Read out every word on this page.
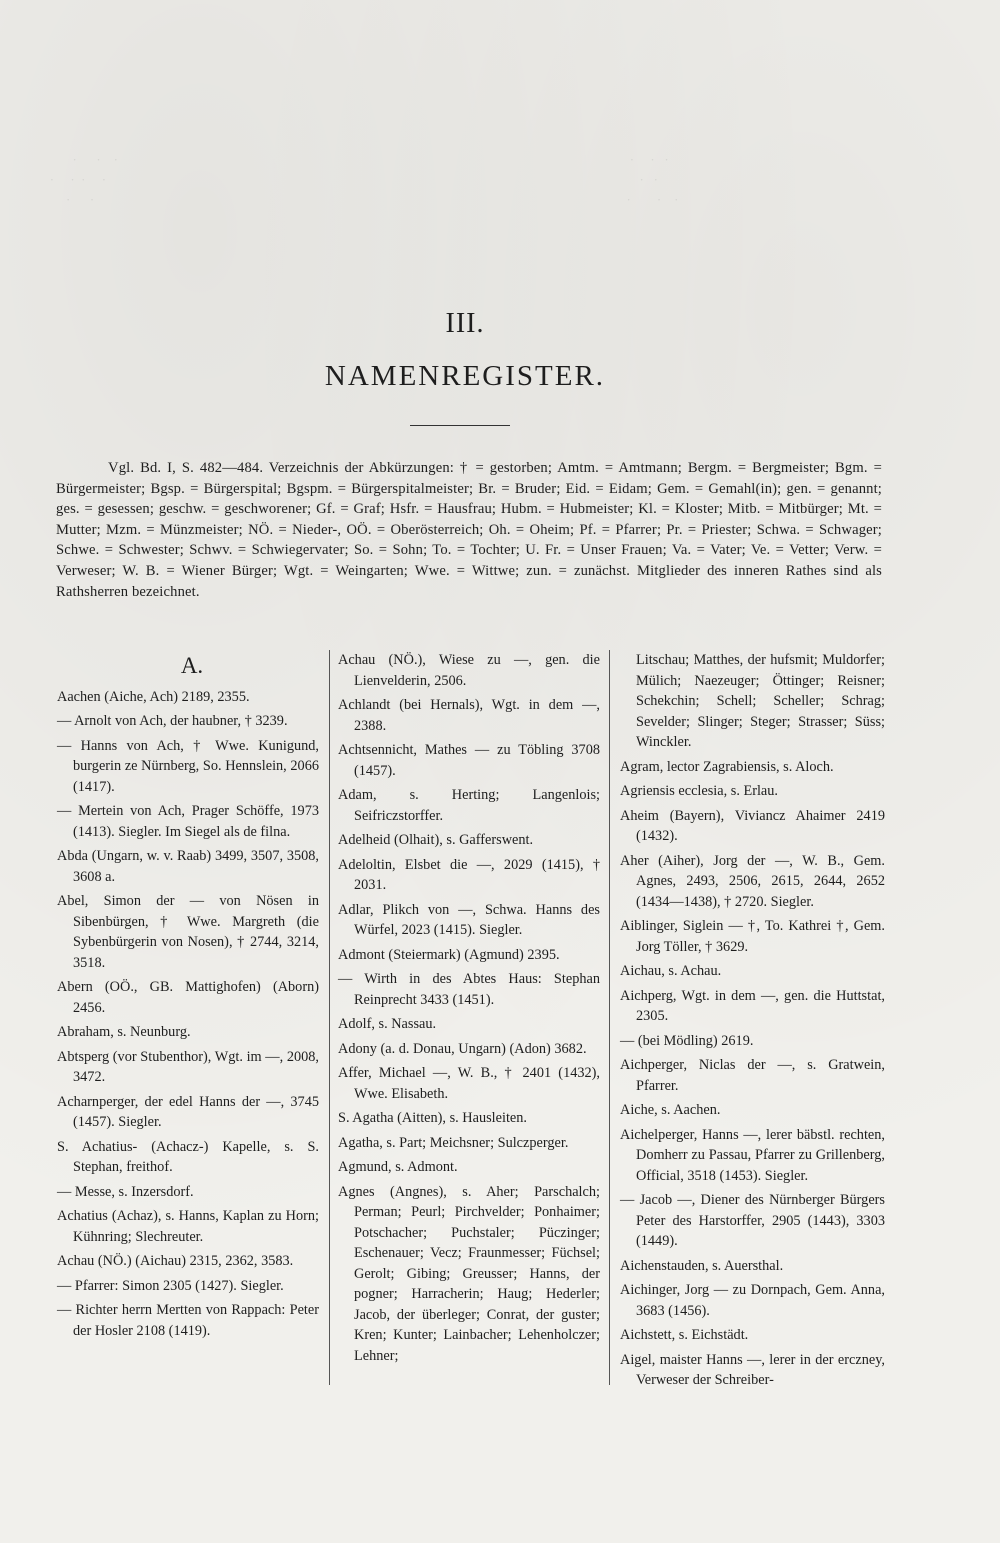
III.
NAMENREGISTER.
Vgl. Bd. I, S. 482—484. Verzeichnis der Abkürzungen: † = gestorben; Amtm. = Amtmann; Bergm. = Bergmeister; Bgm. = Bürgermeister; Bgsp. = Bürgerspital; Bgspm. = Bürgerspitalmeister; Br. = Bruder; Eid. = Eidam; Gem. = Gemahl(in); gen. = genannt; ges. = gesessen; geschw. = geschworener; Gf. = Graf; Hsfr. = Hausfrau; Hubm. = Hubmeister; Kl. = Kloster; Mitb. = Mitbürger; Mt. = Mutter; Mzm. = Münzmeister; NÖ. = Nieder-, OÖ. = Oberösterreich; Oh. = Oheim; Pf. = Pfarrer; Pr. = Priester; Schwa. = Schwager; Schwe. = Schwester; Schwv. = Schwiegervater; So. = Sohn; To. = Tochter; U. Fr. = Unser Frauen; Va. = Vater; Ve. = Vetter; Verw. = Verweser; W. B. = Wiener Bürger; Wgt. = Weingarten; Wwe. = Wittwe; zun. = zunächst. Mitglieder des inneren Rathes sind als Rathsherren bezeichnet.
A.
Aachen (Aiche, Ach) 2189, 2355.
— Arnolt von Ach, der haubner, † 3239.
— Hanns von Ach, † Wwe. Kunigund, burgerin ze Nürnberg, So. Hennslein, 2066 (1417).
— Mertein von Ach, Prager Schöffe, 1973 (1413). Siegler. Im Siegel als de filna.
Abda (Ungarn, w. v. Raab) 3499, 3507, 3508, 3608 a.
Abel, Simon der — von Nösen in Sibenbürgen, † Wwe. Margreth (die Sybenbürgerin von Nosen), † 2744, 3214, 3518.
Abern (OÖ., GB. Mattighofen) (Aborn) 2456.
Abraham, s. Neunburg.
Abtsperg (vor Stubenthor), Wgt. im —, 2008, 3472.
Acharnperger, der edel Hanns der —, 3745 (1457). Siegler.
S. Achatius- (Achacz-) Kapelle, s. S. Stephan, freithof.
— Messe, s. Inzersdorf.
Achatius (Achaz), s. Hanns, Kaplan zu Horn; Kühnring; Slechreuter.
Achau (NÖ.) (Aichau) 2315, 2362, 3583.
— Pfarrer: Simon 2305 (1427). Siegler.
— Richter herrn Mertten von Rappach: Peter der Hosler 2108 (1419).
Achau (NÖ.), Wiese zu —, gen. die Lienvelderin, 2506.
Achlandt (bei Hernals), Wgt. in dem —, 2388.
Achtsennicht, Mathes — zu Töbling 3708 (1457).
Adam, s. Herting; Langenlois; Seifriczstorffer.
Adelheid (Olhait), s. Gafferswent.
Adeloltin, Elsbet die —, 2029 (1415), † 2031.
Adlar, Plikch von —, Schwa. Hanns des Würfel, 2023 (1415). Siegler.
Admont (Steiermark) (Agmund) 2395.
— Wirth in des Abtes Haus: Stephan Reinprecht 3433 (1451).
Adolf, s. Nassau.
Adony (a. d. Donau, Ungarn) (Adon) 3682.
Affer, Michael —, W. B., † 2401 (1432), Wwe. Elisabeth.
S. Agatha (Aitten), s. Hausleiten.
Agatha, s. Part; Meichsner; Sulczperger.
Agmund, s. Admont.
Agnes (Angnes), s. Aher; Parschalch; Perman; Peurl; Pirchvelder; Ponhaimer; Potschacher; Puchstaler; Püczinger; Eschenauer; Vecz; Fraunmesser; Füchsel; Gerolt; Gibing; Greusser; Hanns, der pogner; Harracherin; Haug; Hederler; Jacob, der überleger; Conrat, der guster; Kren; Kunter; Lainbacher; Lehenholczer; Lehner;
Litschau; Matthes, der hufsmit; Muldorfer; Mülich; Naezeuger; Öttinger; Reisner; Schekchin; Schell; Scheller; Schrag; Sevelder; Slinger; Steger; Strasser; Süss; Winckler.
Agram, lector Zagrabiensis, s. Aloch.
Agriensis ecclesia, s. Erlau.
Aheim (Bayern), Viviancz Ahaimer 2419 (1432).
Aher (Aiher), Jorg der —, W. B., Gem. Agnes, 2493, 2506, 2615, 2644, 2652 (1434—1438), † 2720. Siegler.
Aiblinger, Siglein — †, To. Kathrei †, Gem. Jorg Töller, † 3629.
Aichau, s. Achau.
Aichperg, Wgt. in dem —, gen. die Huttstat, 2305.
— (bei Mödling) 2619.
Aichperger, Niclas der —, s. Gratwein, Pfarrer.
Aiche, s. Aachen.
Aichelperger, Hanns —, lerer bäbstl. rechten, Domherr zu Passau, Pfarrer zu Grillenberg, Official, 3518 (1453). Siegler.
— Jacob —, Diener des Nürnberger Bürgers Peter des Harstorffer, 2905 (1443), 3303 (1449).
Aichenstauden, s. Auersthal.
Aichinger, Jorg — zu Dornpach, Gem. Anna, 3683 (1456).
Aichstett, s. Eichstädt.
Aigel, maister Hanns —, lerer in der erczney, Verweser der Schreiber-
